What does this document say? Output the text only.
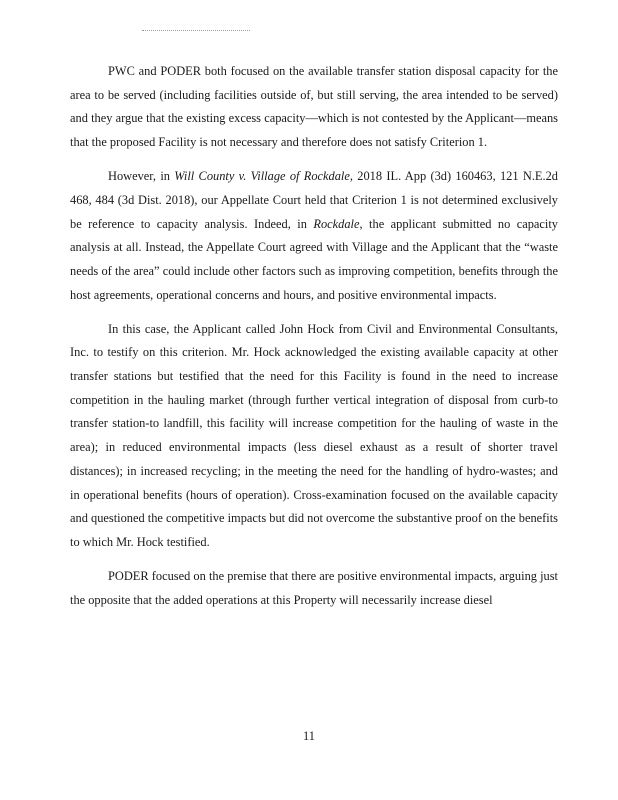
PWC and PODER both focused on the available transfer station disposal capacity for the area to be served (including facilities outside of, but still serving, the area intended to be served) and they argue that the existing excess capacity—which is not contested by the Applicant—means that the proposed Facility is not necessary and therefore does not satisfy Criterion 1.

However, in Will County v. Village of Rockdale, 2018 IL. App (3d) 160463, 121 N.E.2d 468, 484 (3d Dist. 2018), our Appellate Court held that Criterion 1 is not determined exclusively be reference to capacity analysis. Indeed, in Rockdale, the applicant submitted no capacity analysis at all. Instead, the Appellate Court agreed with Village and the Applicant that the “waste needs of the area” could include other factors such as improving competition, benefits through the host agreements, operational concerns and hours, and positive environmental impacts.

In this case, the Applicant called John Hock from Civil and Environmental Consultants, Inc. to testify on this criterion. Mr. Hock acknowledged the existing available capacity at other transfer stations but testified that the need for this Facility is found in the need to increase competition in the hauling market (through further vertical integration of disposal from curb-to transfer station-to landfill, this facility will increase competition for the hauling of waste in the area); in reduced environmental impacts (less diesel exhaust as a result of shorter travel distances); in increased recycling; in the meeting the need for the handling of hydro-wastes; and in operational benefits (hours of operation). Cross-examination focused on the available capacity and questioned the competitive impacts but did not overcome the substantive proof on the benefits to which Mr. Hock testified.

PODER focused on the premise that there are positive environmental impacts, arguing just the opposite that the added operations at this Property will necessarily increase diesel

11
